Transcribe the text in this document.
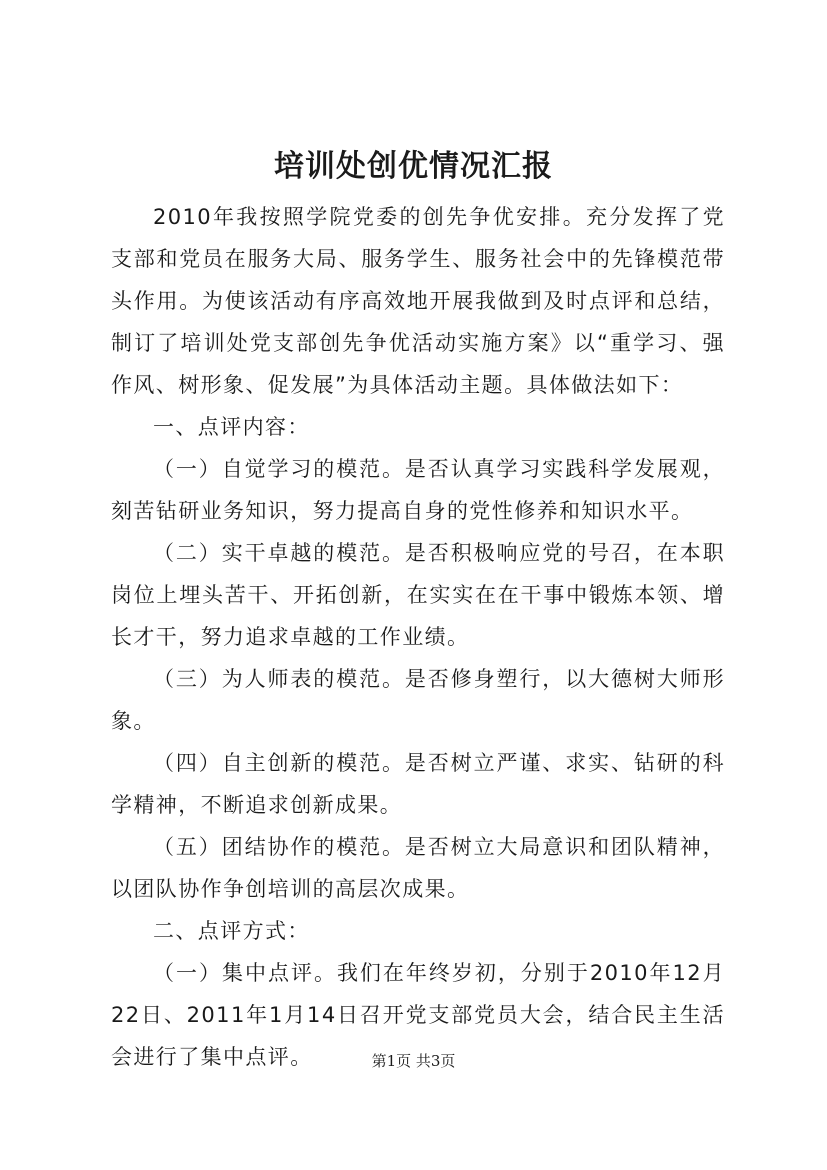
培训处创优情况汇报

2010年我按照学院党委的创先争优安排。充分发挥了党支部和党员在服务大局、服务学生、服务社会中的先锋模范带头作用。为使该活动有序高效地开展我做到及时点评和总结，制订了培训处党支部创先争优活动实施方案》以“重学习、强作风、树形象、促发展”为具体活动主题。具体做法如下：

一、点评内容：

（一）自觉学习的模范。是否认真学习实践科学发展观，刻苦钻研业务知识，努力提高自身的党性修养和知识水平。

（二）实干卓越的模范。是否积极响应党的号召，在本职岗位上埋头苦干、开拓创新，在实实在在干事中锻炼本领、增长才干，努力追求卓越的工作业绩。

（三）为人师表的模范。是否修身塑行，以大德树大师形象。

（四）自主创新的模范。是否树立严谨、求实、钻研的科学精神，不断追求创新成果。

（五）团结协作的模范。是否树立大局意识和团队精神，以团队协作争创培训的高层次成果。

二、点评方式：

（一）集中点评。我们在年终岁初，分别于2010年12月22日、2011年1月14日召开党支部党员大会，结合民主生活会进行了集中点评。	第1页 共3页
